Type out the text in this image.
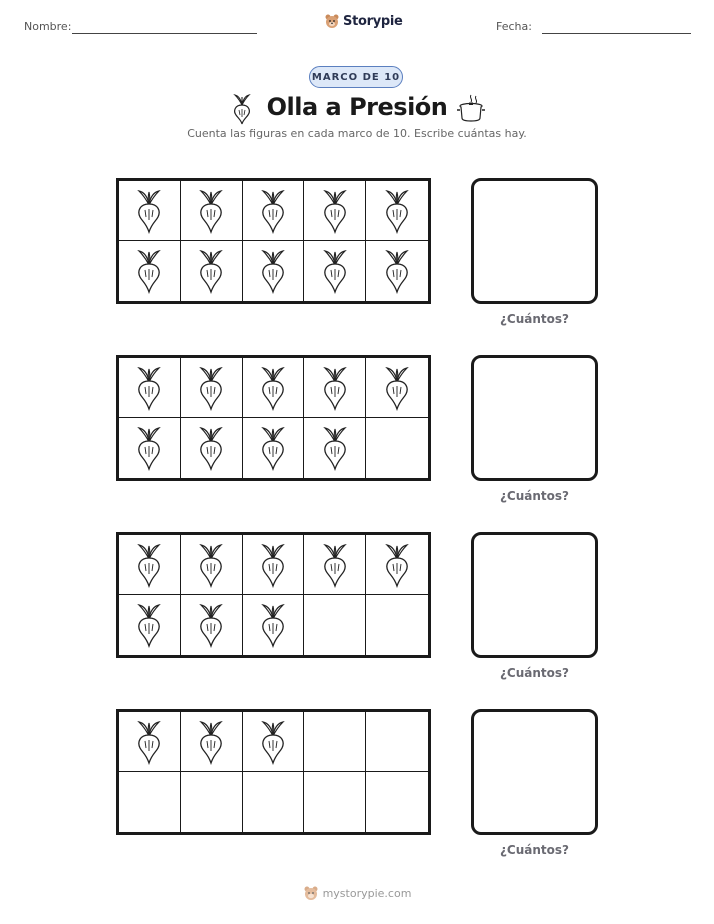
Nombre:	Storypie	Fecha:
MARCO DE 10
Olla a Presión
Cuenta las figuras en cada marco de 10. Escribe cuántas hay.
¿Cuántos?
¿Cuántos?
¿Cuántos?
¿Cuántos?
mystorypie.com
